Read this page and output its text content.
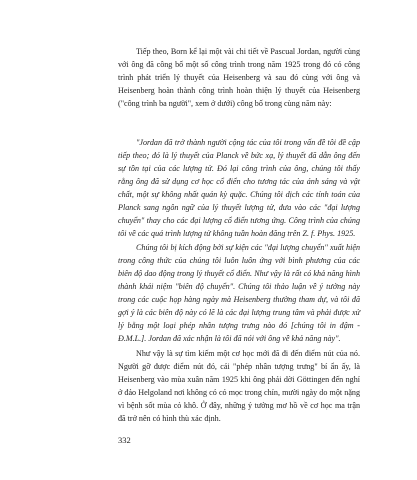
Tiếp theo, Born kể lại một vài chi tiết về Pascual Jordan, người cùng với ông đã công bố một số công trình trong năm 1925 trong đó có công trình phát triển lý thuyết của Heisenberg và sau đó cùng với ông và Heisenberg hoàn thành công trình hoàn thiện lý thuyết của Heisenberg ("công trình ba người", xem ở dưới) công bố trong cùng năm này:

"Jordan đã trở thành người cộng tác của tôi trong vấn đề tôi đề cập tiếp theo; đó là lý thuyết của Planck về bức xạ, lý thuyết đã dẫn ông đến sự tồn tại của các lượng tử. Đó lại công trình của ông, chúng tôi thấy rằng ông đã sử dụng cơ học cổ điển cho tương tác của ánh sáng và vật chất, một sự không nhất quán kỳ quặc. Chúng tôi dịch các tính toán của Planck sang ngôn ngữ của lý thuyết lượng tử, đưa vào các "đại lượng chuyển" thay cho các đại lượng cổ điển tương ứng. Công trình của chúng tôi về các quá trình lượng tử không tuần hoàn đăng trên Z. f. Phys. 1925.

Chúng tôi bị kích động bởi sự kiện các "đại lượng chuyển" xuất hiện trong công thức của chúng tôi luôn luôn ứng với bình phương của các biên độ dao động trong lý thuyết cổ điển. Như vậy là rất có khả năng hình thành khái niệm "biên độ chuyển". Chúng tôi thảo luận về ý tưởng này trong các cuộc họp hàng ngày mà Heisenberg thường tham dự, và tôi đã gợi ý là các biên độ này có lẽ là các đại lượng trung tâm và phải được xử lý bằng một loại phép nhân tượng trưng nào đó [chúng tôi in đậm - Đ.M.L.]. Jordan đã xác nhận là tôi đã nói với ông về khả năng này".

Như vậy là sự tìm kiếm một cơ học mới đã đi đến điểm nút của nó. Người gỡ được điểm nút đó, cái "phép nhân tượng trưng" bí ẩn ấy, là Heisenberg vào mùa xuân năm 1925 khi ông phải dời Göttingen đến nghỉ ở đảo Helgoland nơi không có cỏ mọc trong chín, mười ngày do một nặng vì bệnh sốt mùa cỏ khô. Ở đây, những ý tưởng mơ hồ về cơ học ma trận đã trở nên có hình thù xác định.

332
